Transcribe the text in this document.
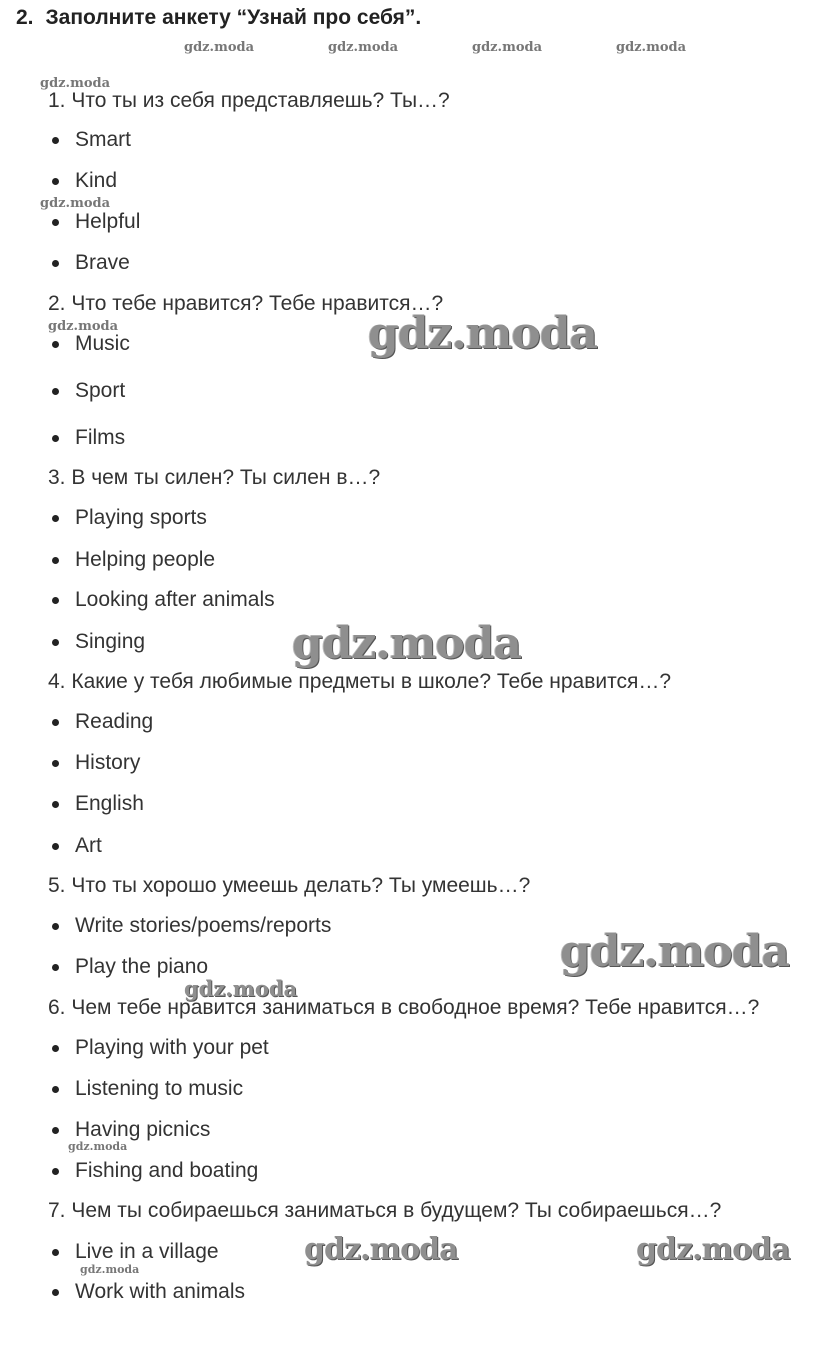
2. Заполните анкету “Узнай про себя”.
1. Что ты из себя представляешь? Ты…?
Smart
Kind
Helpful
Brave
2. Что тебе нравится? Тебе нравится…?
Music
Sport
Films
3. В чем ты силен? Ты силен в…?
Playing sports
Helping people
Looking after animals
Singing
4. Какие у тебя любимые предметы в школе? Тебе нравится…?
Reading
History
English
Art
5. Что ты хорошо умеешь делать? Ты умеешь…?
Write stories/poems/reports
Play the piano
6. Чем тебе нравится заниматься в свободное время? Тебе нравится…?
Playing with your pet
Listening to music
Having picnics
Fishing and boating
7. Чем ты собираешься заниматься в будущем? Ты собираешься…?
Live in a village
Work with animals
gdz.moda	gdz.moda	gdz.moda	gdz.moda
gdz.moda
gdz.moda
gdz.moda	gdz.moda
gdz.moda
gdz.moda
gdz.moda
gdz.moda
gdz.moda	gdz.moda
gdz.moda
